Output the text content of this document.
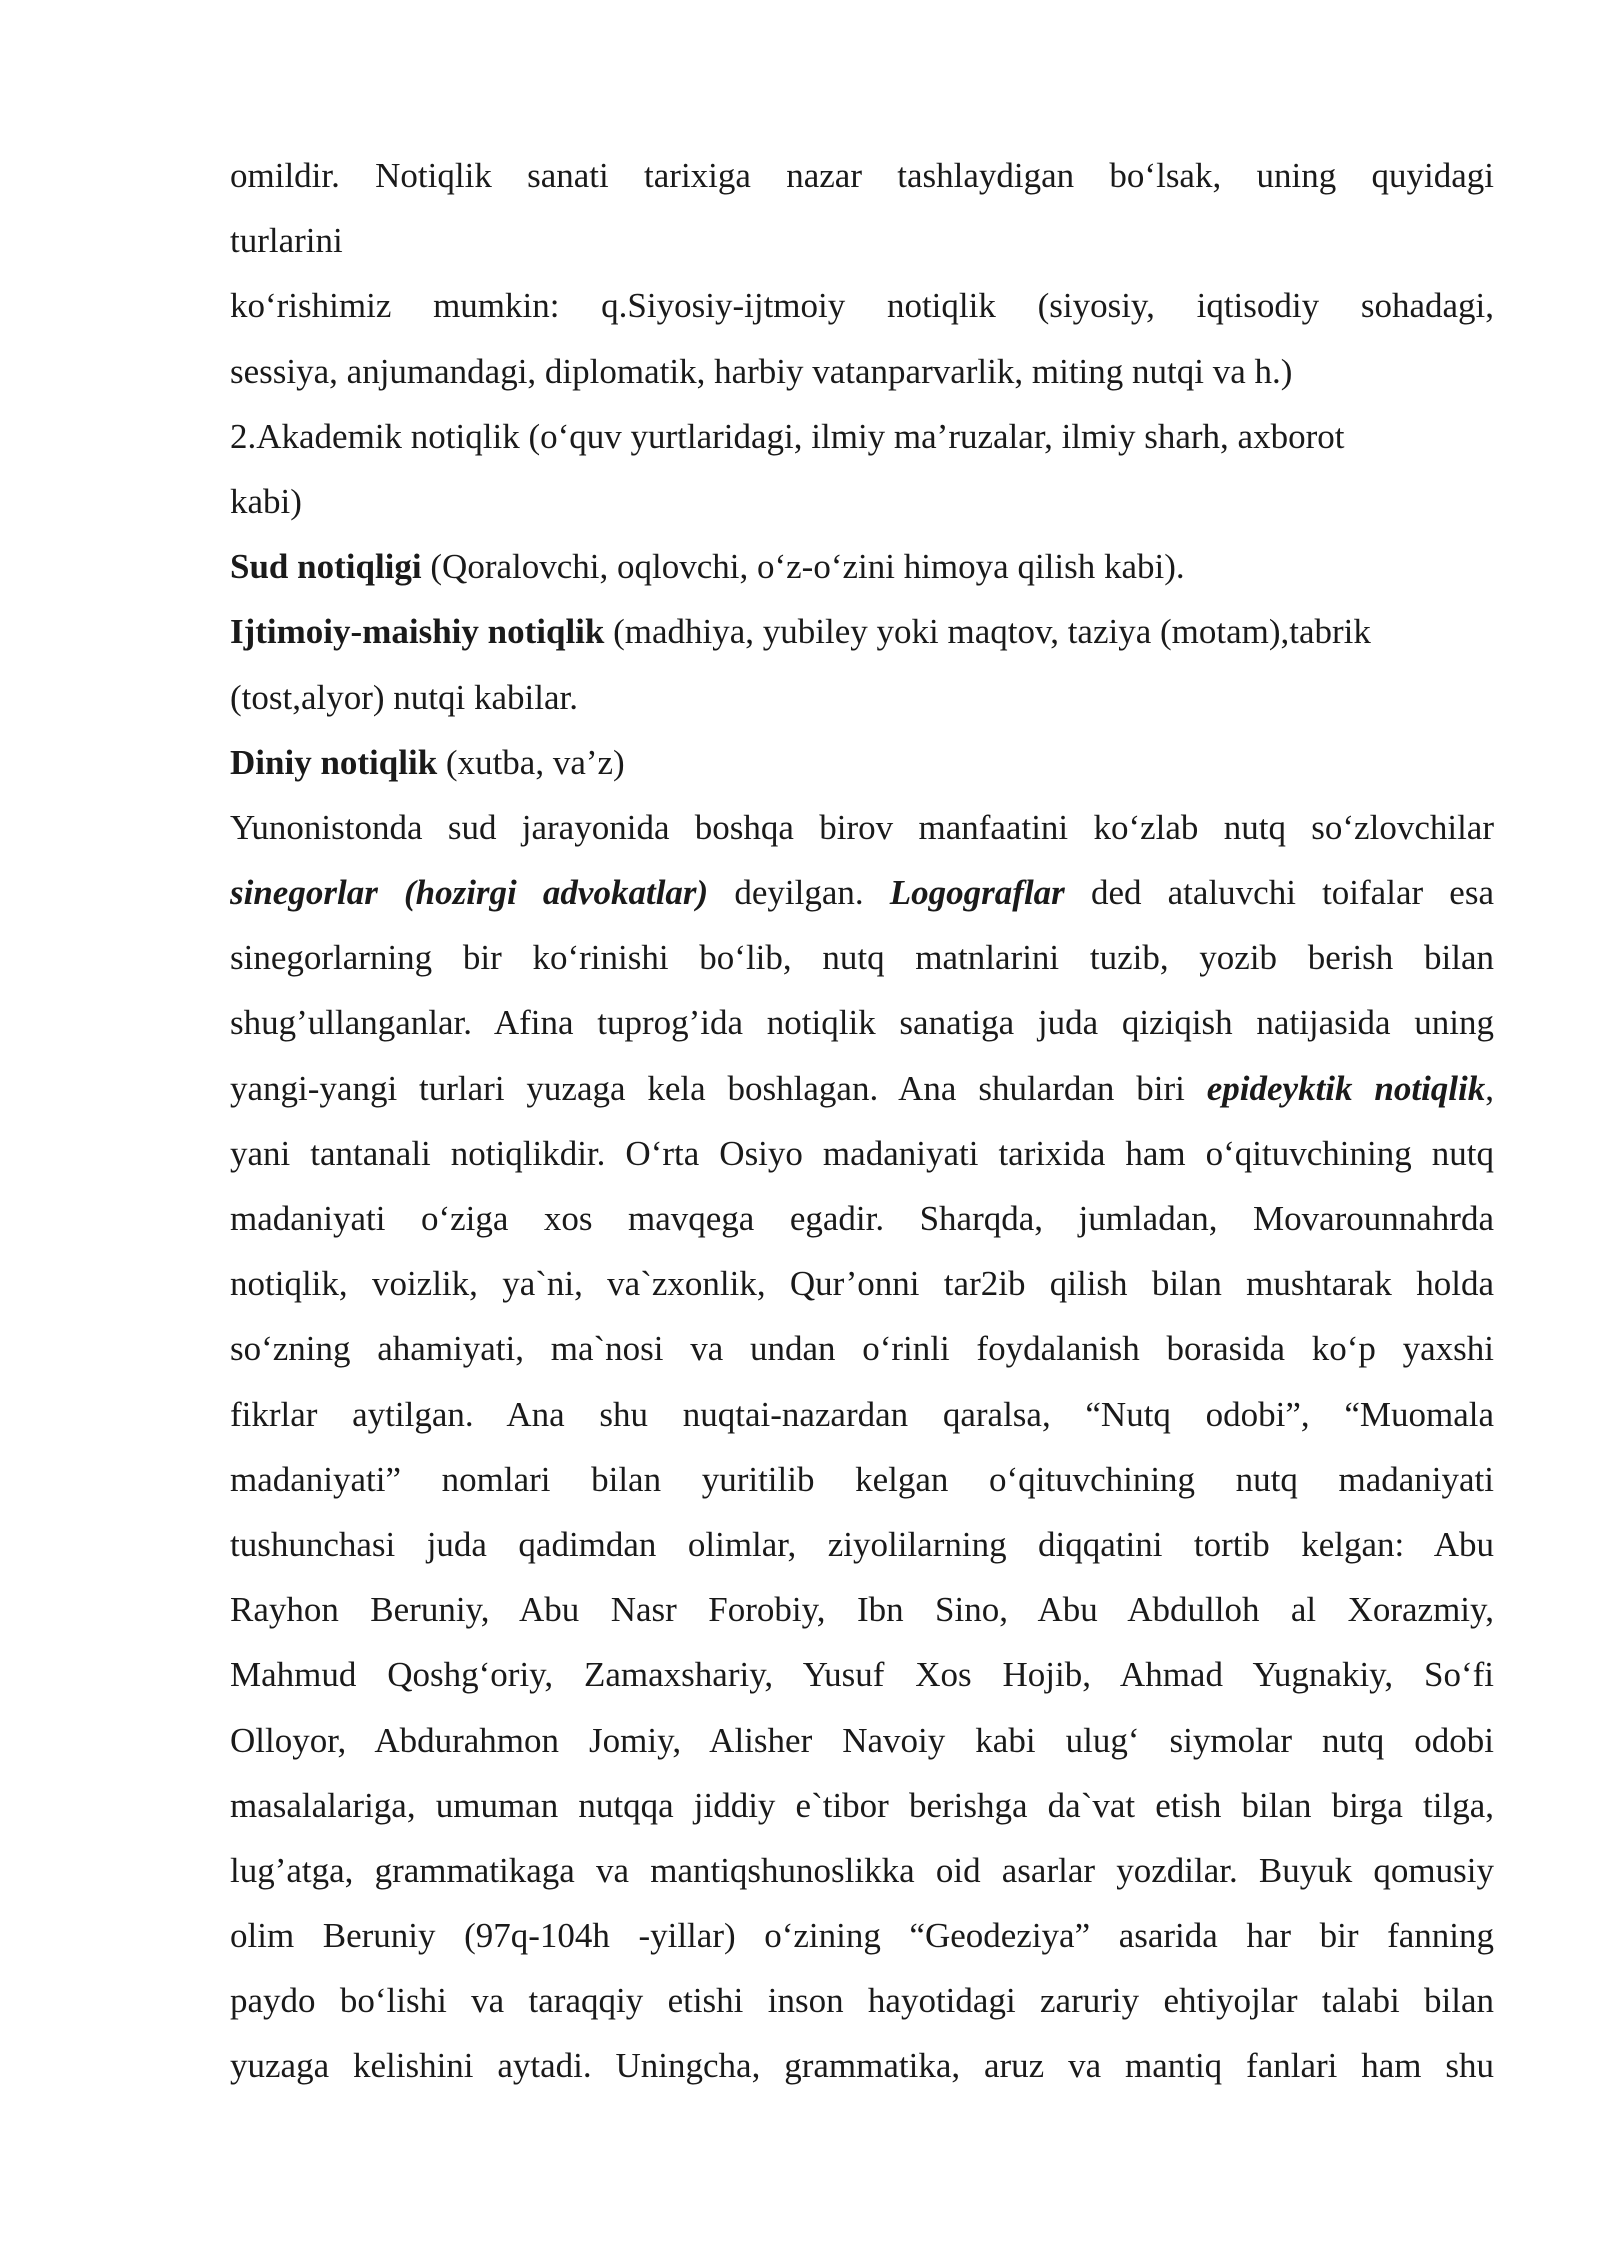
omildir. Notiqlik sanati tarixiga nazar tashlaydigan bo‘lsak, uning quyidagi
turlarini
ko‘rishimiz mumkin: q.Siyosiy-ijtmoiy notiqlik (siyosiy, iqtisodiy sohadagi,
sessiya, anjumandagi, diplomatik, harbiy vatanparvarlik, miting nutqi va h.)
2.Akademik notiqlik (o‘quv yurtlaridagi, ilmiy ma’ruzalar, ilmiy sharh, axborot
kabi)
Sud notiqligi (Qoralovchi, oqlovchi, o‘z-o‘zini himoya qilish kabi).
Ijtimoiy-maishiy notiqlik (madhiya, yubiley yoki maqtov, taziya (motam),tabrik
(tost,alyor) nutqi kabilar.
Diniy notiqlik (xutba, va’z)
Yunonistonda sud jarayonida boshqa birov manfaatini ko‘zlab nutq so‘zlovchilar
sinegorlar (hozirgi advokatlar) deyilgan. Logograflar ded ataluvchi toifalar esa
sinegorlarning bir ko‘rinishi bo‘lib, nutq matnlarini tuzib, yozib berish bilan
shug’ullanganlar. Afina tuprog’ida notiqlik sanatiga juda qiziqish natijasida uning
yangi-yangi turlari yuzaga kela boshlagan. Ana shulardan biri epideyktik notiqlik,
yani tantanali notiqlikdir. O‘rta Osiyo madaniyati tarixida ham o‘qituvchining nutq
madaniyati o‘ziga xos mavqega egadir. Sharqda, jumladan, Movarounnahrda
notiqlik, voizlik, ya`ni, va`zxonlik, Qur’onni tar2ib qilish bilan mushtarak holda
so‘zning ahamiyati, ma`nosi va undan o‘rinli foydalanish borasida ko‘p yaxshi
fikrlar aytilgan. Ana shu nuqtai-nazardan qaralsa, “Nutq odobi”, “Muomala
madaniyati” nomlari bilan yuritilib kelgan o‘qituvchining nutq madaniyati
tushunchasi juda qadimdan olimlar, ziyolilarning diqqatini tortib kelgan: Abu
Rayhon Beruniy, Abu Nasr Forobiy, Ibn Sino, Abu Abdulloh al Xorazmiy,
Mahmud Qoshg‘oriy, Zamaxshariy, Yusuf Xos Hojib, Ahmad Yugnakiy, So‘fi
Olloyor, Abdurahmon Jomiy, Alisher Navoiy kabi ulug‘ siymolar nutq odobi
masalalariga, umuman nutqqa jiddiy e`tibor berishga da`vat etish bilan birga tilga,
lug’atga, grammatikaga va mantiqshunoslikka oid asarlar yozdilar. Buyuk qomusiy
olim Beruniy (97q-104h -yillar) o‘zining “Geodeziya” asarida har bir fanning
paydo bo‘lishi va taraqqiy etishi inson hayotidagi zaruriy ehtiyojlar talabi bilan
yuzaga kelishini aytadi. Uningcha, grammatika, aruz va mantiq fanlari ham shu
